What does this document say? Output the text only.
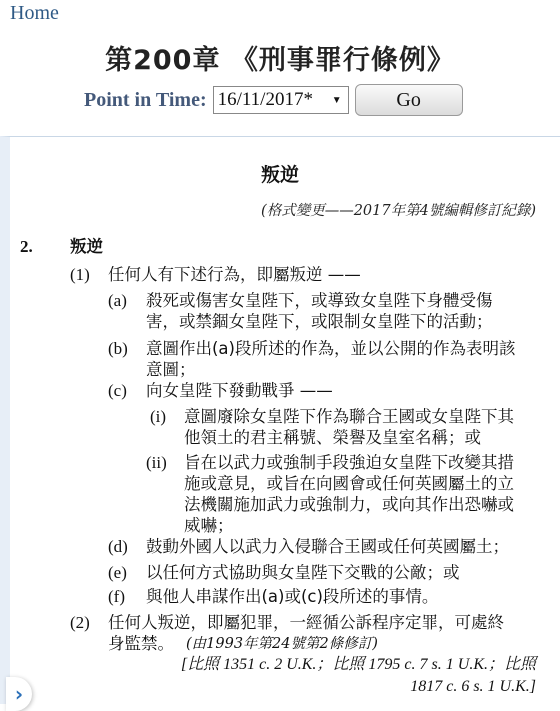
Home
第200章 《刑事罪行條例》
Point in Time: 16/11/2017* ▼	Go
›
叛逆
(格式變更——2017年第4號編輯修訂紀錄)
2. 叛逆
(1) 任何人有下述行為，即屬叛逆 ——
(a) 殺死或傷害女皇陛下，或導致女皇陛下身體受傷
害，或禁錮女皇陛下，或限制女皇陛下的活動；
(b) 意圖作出(a)段所述的作為，並以公開的作為表明該
意圖；
(c) 向女皇陛下發動戰爭 ——
(i) 意圖廢除女皇陛下作為聯合王國或女皇陛下其
他領土的君主稱號、榮譽及皇室名稱；或
(ii) 旨在以武力或強制手段強迫女皇陛下改變其措
施或意見，或旨在向國會或任何英國屬土的立
法機關施加武力或強制力，或向其作出恐嚇或
威嚇；
(d) 鼓動外國人以武力入侵聯合王國或任何英國屬土；
(e) 以任何方式協助與女皇陛下交戰的公敵；或
(f) 與他人串謀作出(a)或(c)段所述的事情。
(2) 任何人叛逆，即屬犯罪，一經循公訴程序定罪，可處終
身監禁。 (由1993年第24號第2條修訂)
[比照 1351 c. 2 U.K.；比照 1795 c. 7 s. 1 U.K.；比照
1817 c. 6 s. 1 U.K.]
